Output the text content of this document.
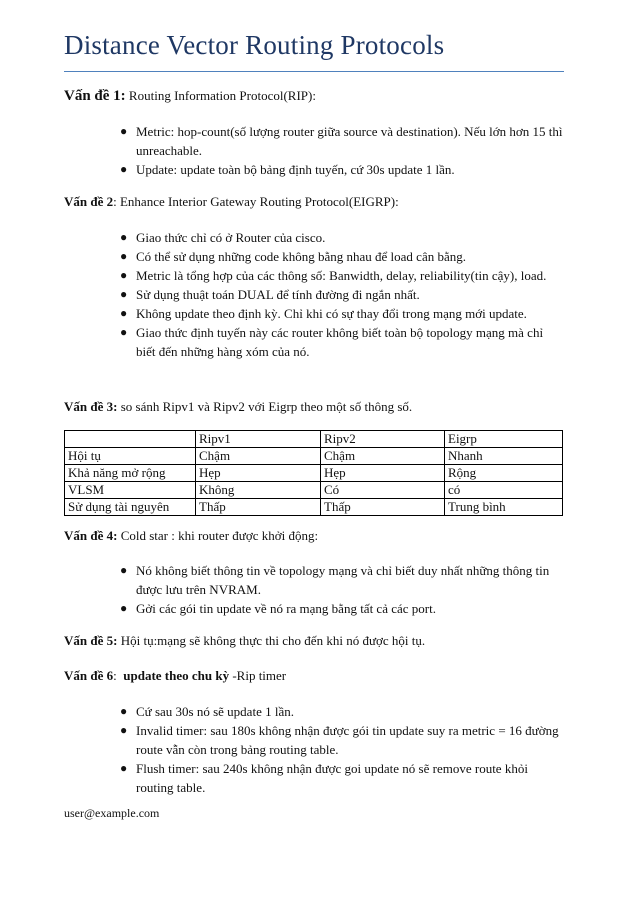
Distance Vector Routing Protocols
Vấn đề 1: Routing Information Protocol(RIP):
● Metric: hop-count(số lượng router giữa source và destination). Nếu lớn hơn 15 thì unreachable.
● Update: update toàn bộ bảng định tuyến, cứ 30s update 1 lần.
Vấn đề 2: Enhance Interior Gateway Routing Protocol(EIGRP):
● Giao thức chỉ có ở Router của cisco.
● Có thể sử dụng những code không bằng nhau để load cân bằng.
● Metric là tổng hợp của các thông số: Banwidth, delay, reliability(tin cậy), load.
● Sử dụng thuật toán DUAL để tính đường đi ngắn nhất.
● Không update theo định kỳ. Chỉ khi có sự thay đổi trong mạng mới update.
● Giao thức định tuyến này các router không biết toàn bộ topology mạng mà chỉ biết đến những hàng xóm của nó.
Vấn đề 3: so sánh Ripv1 và Ripv2 với Eigrp theo một số thông số.
	Ripv1	Ripv2	Eigrp
Hội tụ	Chậm	Chậm	Nhanh
Khả năng mở rộng	Hẹp	Hẹp	Rộng
VLSM	Không	Có	có
Sử dụng tài nguyên	Thấp	Thấp	Trung bình
Vấn đề 4: Cold star : khi router được khởi động:
● Nó không biết thông tin về topology mạng và chỉ biết duy nhất những thông tin được lưu trên NVRAM.
● Gởi các gói tin update về nó ra mạng bằng tất cả các port.
Vấn đề 5: Hội tụ:mạng sẽ không thực thi cho đến khi nó được hội tụ.
Vấn đề 6: update theo chu kỳ -Rip timer
● Cứ sau 30s nó sẽ update 1 lần.
● Invalid timer: sau 180s không nhận được gói tin update suy ra metric = 16 đường route vẫn còn trong bảng routing table.
● Flush timer: sau 240s không nhận được goi update nó sẽ remove route khỏi routing table.
user@example.com
